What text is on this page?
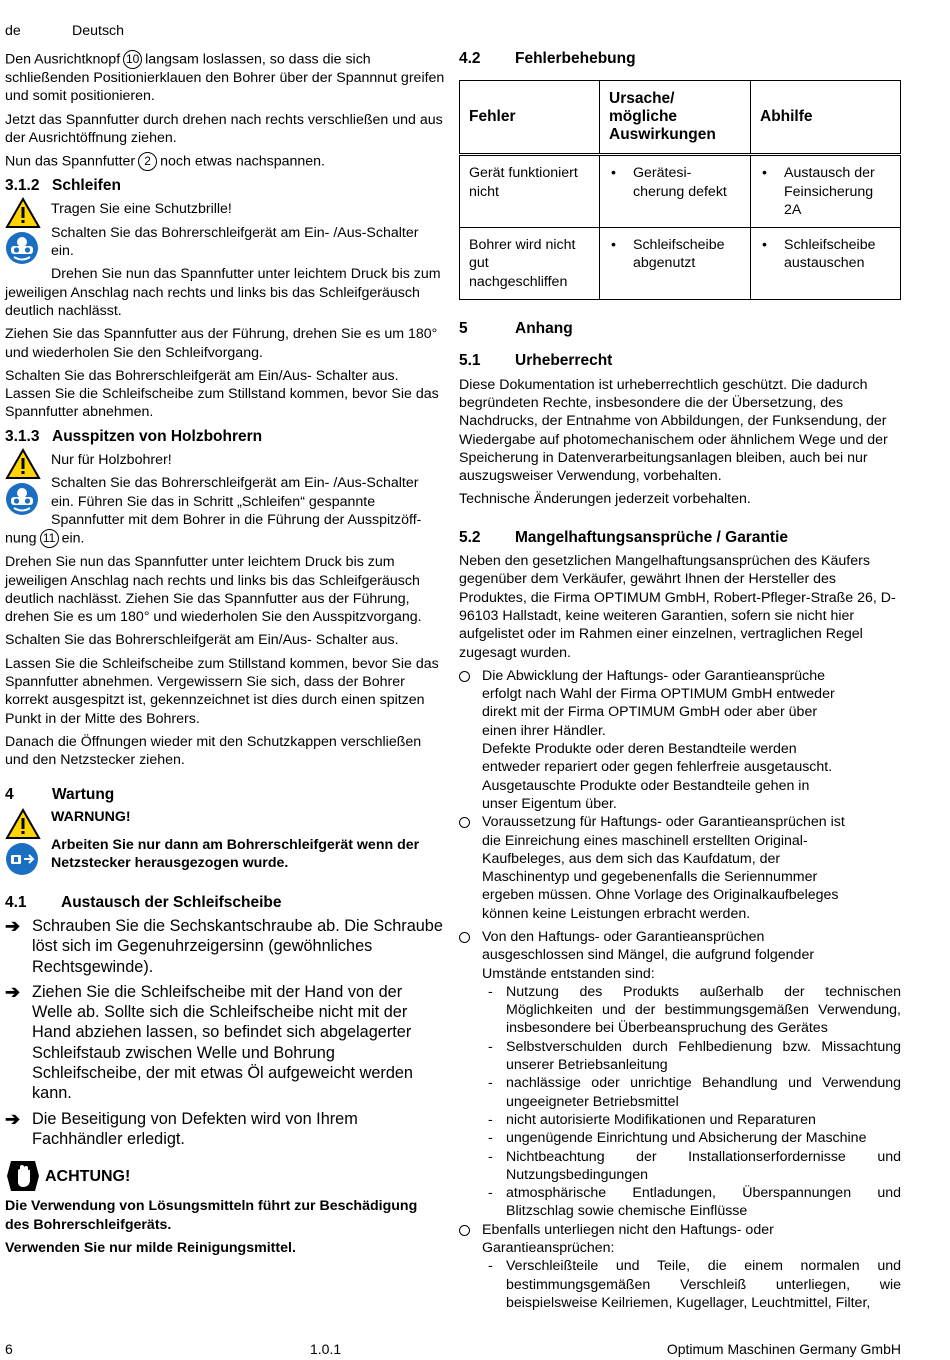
de	Deutsch

Den Ausrichtknopf 10 langsam loslassen, so dass die sich schließenden Positionierklauen den Bohrer über der Spannnut greifen und somit positionieren.

Jetzt das Spannfutter durch drehen nach rechts verschließen und aus der Ausrichtöffnung ziehen.

Nun das Spannfutter 2 noch etwas nachspannen.

3.1.2 Schleifen

Tragen Sie eine Schutzbrille!

Schalten Sie das Bohrerschleifgerät am Ein- /Aus-Schalter ein.

Drehen Sie nun das Spannfutter unter leichtem Druck bis zum jeweiligen Anschlag nach rechts und links bis das Schleifgeräusch deutlich nachlässt.

Ziehen Sie das Spannfutter aus der Führung, drehen Sie es um 180° und wiederholen Sie den Schleifvorgang.

Schalten Sie das Bohrerschleifgerät am Ein/Aus- Schalter aus. Lassen Sie die Schleifscheibe zum Stillstand kommen, bevor Sie das Spannfutter abnehmen.

3.1.3 Ausspitzen von Holzbohrern

Nur für Holzbohrer!

Schalten Sie das Bohrerschleifgerät am Ein- /Aus-Schalter ein. Führen Sie das in Schritt „Schleifen“ gespannte Spannfutter mit dem Bohrer in die Führung der Ausspitzöff-

nung 11 ein.

Drehen Sie nun das Spannfutter unter leichtem Druck bis zum jeweiligen Anschlag nach rechts und links bis das Schleifgeräusch deutlich nachlässt. Ziehen Sie das Spannfutter aus der Führung, drehen Sie es um 180° und wiederholen Sie den Ausspitzvorgang.

Schalten Sie das Bohrerschleifgerät am Ein/Aus- Schalter aus.

Lassen Sie die Schleifscheibe zum Stillstand kommen, bevor Sie das Spannfutter abnehmen. Vergewissern Sie sich, dass der Bohrer korrekt ausgespitzt ist, gekennzeichnet ist dies durch einen spitzen Punkt in der Mitte des Bohrers.

Danach die Öffnungen wieder mit den Schutzkappen verschließen und den Netzstecker ziehen.

4 Wartung

WARNUNG!

Arbeiten Sie nur dann am Bohrerschleifgerät wenn der Netzstecker herausgezogen wurde.

4.1 Austausch der Schleifscheibe

➔ Schrauben Sie die Sechskantschraube ab. Die Schraube löst sich im Gegenuhrzeigersinn (gewöhnliches Rechtsgewinde).
➔ Ziehen Sie die Schleifscheibe mit der Hand von der Welle ab. Sollte sich die Schleifscheibe nicht mit der Hand abziehen lassen, so befindet sich abgelagerter Schleifstaub zwischen Welle und Bohrung Schleifscheibe, der mit etwas Öl aufgeweicht werden kann.
➔ Die Beseitigung von Defekten wird von Ihrem Fachhändler erledigt.
ACHTUNG!

Die Verwendung von Lösungsmitteln führt zur Beschädigung des Bohrerschleifgeräts.

Verwenden Sie nur milde Reinigungsmittel.

4.2 Fehlerbehebung

Fehler	Ursache/ mögliche Auswirkungen	Abhilfe
Gerät funktioniert nicht	• Gerätesi-cherung defekt	• Austausch der Feinsicherung 2A

Bohrer wird nicht gut nachgeschliffen	• Schleifscheibe abgenutzt	• Schleifscheibe austauschen

5	Anhang

5.1 Urheberrecht

Diese Dokumentation ist urheberrechtlich geschützt. Die dadurch begründeten Rechte, insbesondere die der Übersetzung, des Nachdrucks, der Entnahme von Abbildungen, der Funksendung, der Wiedergabe auf photomechanischem oder ähnlichem Wege und der Speicherung in Datenverarbeitungsanlagen bleiben, auch bei nur auszugsweiser Verwendung, vorbehalten.

Technische Änderungen jederzeit vorbehalten.

5.2 Mangelhaftungsansprüche / Garantie

Neben den gesetzlichen Mangelhaftungsansprüchen des Käufers gegenüber dem Verkäufer, gewährt Ihnen der Hersteller des Produktes, die Firma OPTIMUM GmbH, Robert-Pfleger-Straße 26, D-96103 Hallstadt, keine weiteren Garantien, sofern sie nicht hier aufgelistet oder im Rahmen einer einzelnen, vertraglichen Regel zugesagt wurden.

Die Abwicklung der Haftungs- oder Garantieansprüche erfolgt nach Wahl der Firma OPTIMUM GmbH entweder direkt mit der Firma OPTIMUM GmbH oder aber über einen ihrer Händler.

Defekte Produkte oder deren Bestandteile werden entweder repariert oder gegen fehlerfreie ausgetauscht. Ausgetauschte Produkte oder Bestandteile gehen in unser Eigentum über.

Voraussetzung für Haftungs- oder Garantieansprüchen ist die Einreichung eines maschinell erstellten Original-Kaufbeleges, aus dem sich das Kaufdatum, der Maschinentyp und gegebenenfalls die Seriennummer ergeben müssen. Ohne Vorlage des Originalkaufbeleges können keine Leistungen erbracht werden.

Von den Haftungs- oder Garantieansprüchen ausgeschlossen sind Mängel, die aufgrund folgender Umstände entstanden sind:

- Nutzung des Produkts außerhalb der technischen Möglichkeiten und der bestimmungsgemäßen Verwendung, insbesondere bei Überbeanspruchung des Gerätes
- Selbstverschulden durch Fehlbedienung bzw. Missachtung unserer Betriebsanleitung
- nachlässige oder unrichtige Behandlung und Verwendung ungeeigneter Betriebsmittel
- nicht autorisierte Modifikationen und Reparaturen
- ungenügende Einrichtung und Absicherung der Maschine
- Nichtbeachtung der Installationserfordernisse und Nutzungsbedingungen
- atmosphärische Entladungen, Überspannungen und Blitzschlag sowie chemische Einflüsse

Ebenfalls unterliegen nicht den Haftungs- oder Garantieansprüchen:

- Verschleißteile und Teile, die einem normalen und bestimmungsgemäßen Verschleiß unterliegen, wie beispielsweise Keilriemen, Kugellager, Leuchtmittel, Filter,
6	1.0.1	Optimum Maschinen Germany GmbH
